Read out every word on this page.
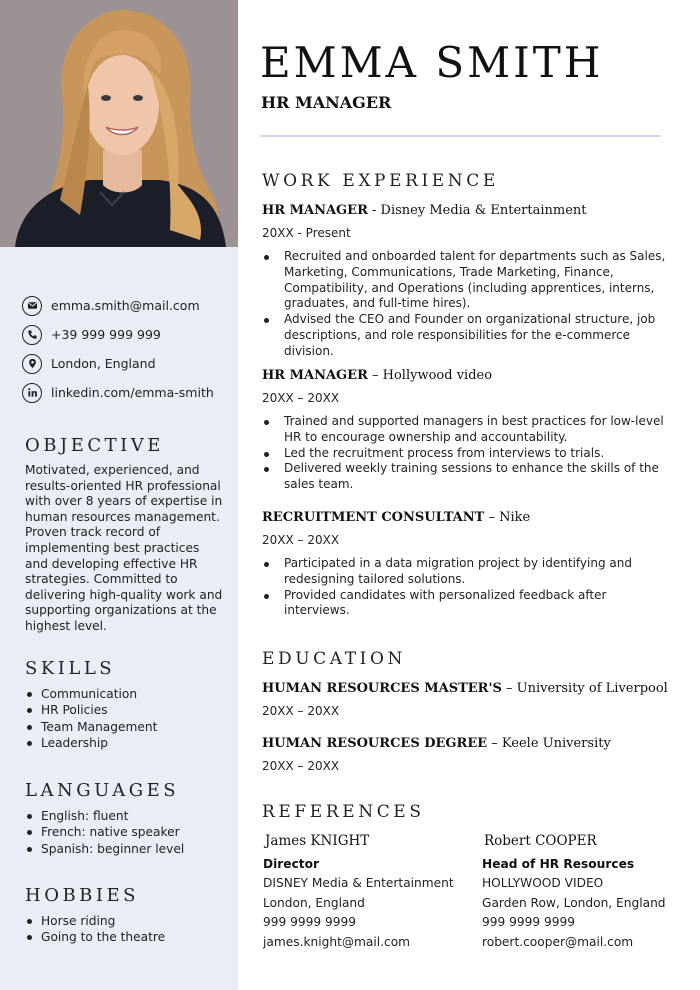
emma.smith@mail.com
+39 999 999 999
London, England
linkedin.com/emma-smith
OBJECTIVE

Motivated, experienced, and results-oriented HR professional with over 8 years of expertise in human resources management. Proven track record of implementing best practices and developing effective HR strategies. Committed to delivering high-quality work and supporting organizations at the highest level.

SKILLS
Communication
HR Policies
Team Management
Leadership
LANGUAGES
English: fluent
French: native speaker
Spanish: beginner level
HOBBIES
Horse riding
Going to the theatre
EMMA SMITH
HR MANAGER
WORK EXPERIENCE
HR MANAGER - Disney Media & Entertainment
20XX - Present
Recruited and onboarded talent for departments such as Sales, Marketing, Communications, Trade Marketing, Finance, Compatibility, and Operations (including apprentices, interns, graduates, and full-time hires).
Advised the CEO and Founder on organizational structure, job descriptions, and role responsibilities for the e-commerce division.
HR MANAGER – Hollywood video
20XX – 20XX
Trained and supported managers in best practices for low-level HR to encourage ownership and accountability.
Led the recruitment process from interviews to trials.
Delivered weekly training sessions to enhance the skills of the sales team.
RECRUITMENT CONSULTANT – Nike
20XX – 20XX
Participated in a data migration project by identifying and redesigning tailored solutions.
Provided candidates with personalized feedback after interviews.
EDUCATION
HUMAN RESOURCES MASTER'S – University of Liverpool
20XX – 20XX
HUMAN RESOURCES DEGREE – Keele University
20XX – 20XX
REFERENCES
James KNIGHT
Director
DISNEY Media & Entertainment
London, England
999 9999 9999
james.knight@mail.com
Robert COOPER
Head of HR Resources
HOLLYWOOD VIDEO
Garden Row, London, England
999 9999 9999
robert.cooper@mail.com
